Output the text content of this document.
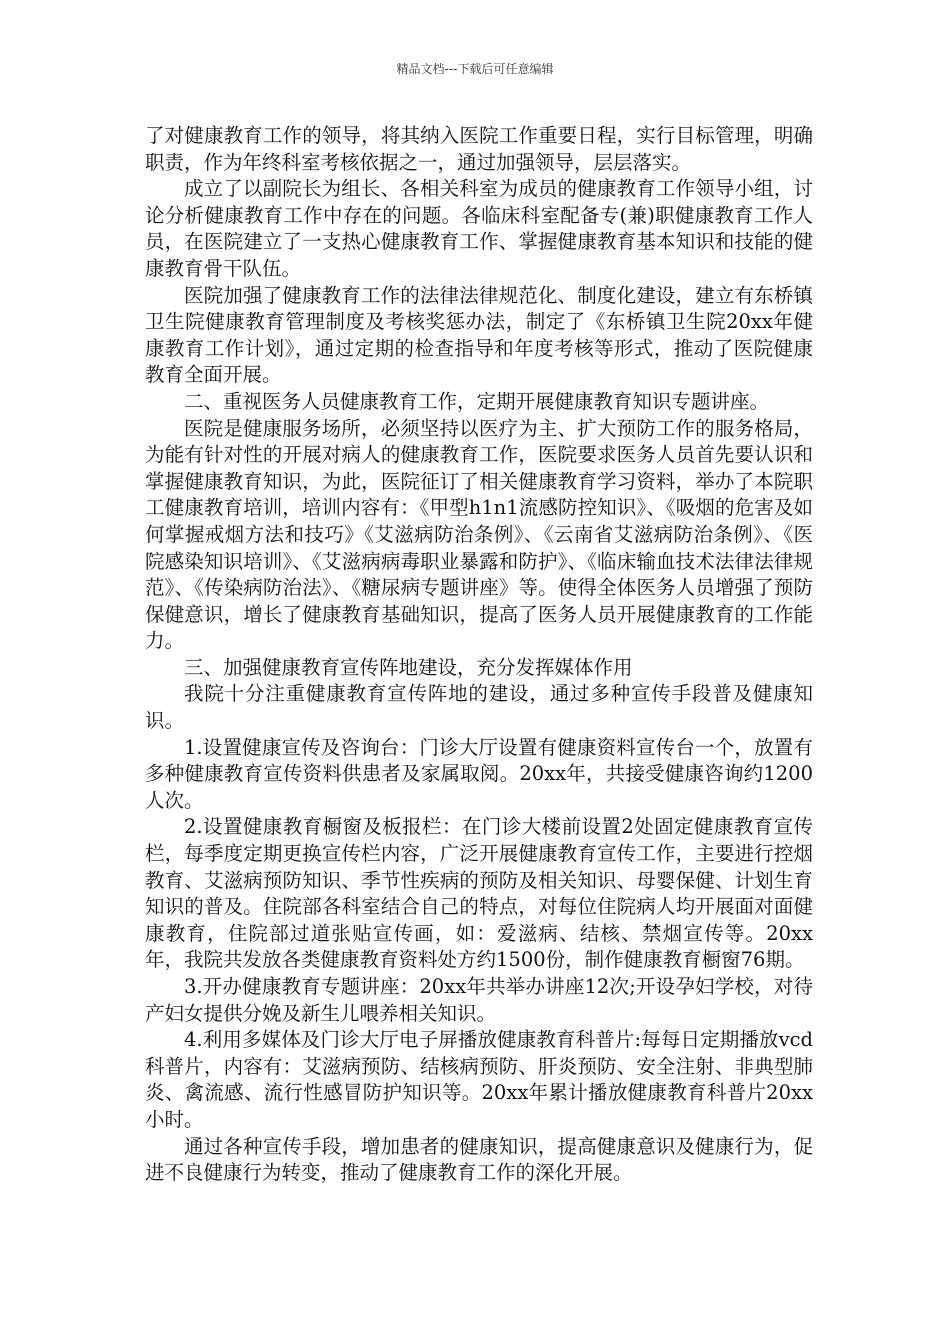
精品文档---下载后可任意编辑

了对健康教育工作的领导，将其纳入医院工作重要日程，实行目标管理，明确职责，作为年终科室考核依据之一，通过加强领导，层层落实。

成立了以副院长为组长、各相关科室为成员的健康教育工作领导小组，讨论分析健康教育工作中存在的问题。各临床科室配备专(兼)职健康教育工作人员，在医院建立了一支热心健康教育工作、掌握健康教育基本知识和技能的健康教育骨干队伍。

医院加强了健康教育工作的法律法律规范化、制度化建设，建立有东桥镇卫生院健康教育管理制度及考核奖惩办法，制定了《东桥镇卫生院20xx年健康教育工作计划》，通过定期的检查指导和年度考核等形式，推动了医院健康教育全面开展。

二、重视医务人员健康教育工作，定期开展健康教育知识专题讲座。

医院是健康服务场所，必须坚持以医疗为主、扩大预防工作的服务格局，为能有针对性的开展对病人的健康教育工作，医院要求医务人员首先要认识和掌握健康教育知识，为此，医院征订了相关健康教育学习资料，举办了本院职工健康教育培训，培训内容有：《甲型h1n1流感防控知识》、《吸烟的危害及如何掌握戒烟方法和技巧》《艾滋病防治条例》、《云南省艾滋病防治条例》、《医院感染知识培训》、《艾滋病病毒职业暴露和防护》、《临床输血技术法律法律规范》、《传染病防治法》、《糖尿病专题讲座》等。使得全体医务人员增强了预防保健意识，增长了健康教育基础知识，提高了医务人员开展健康教育的工作能力。

三、加强健康教育宣传阵地建设，充分发挥媒体作用

我院十分注重健康教育宣传阵地的建设，通过多种宣传手段普及健康知识。

1.设置健康宣传及咨询台：门诊大厅设置有健康资料宣传台一个，放置有多种健康教育宣传资料供患者及家属取阅。20xx年，共接受健康咨询约1200人次。

2.设置健康教育橱窗及板报栏：在门诊大楼前设置2处固定健康教育宣传栏，每季度定期更换宣传栏内容，广泛开展健康教育宣传工作，主要进行控烟教育、艾滋病预防知识、季节性疾病的预防及相关知识、母婴保健、计划生育知识的普及。住院部各科室结合自己的特点，对每位住院病人均开展面对面健康教育，住院部过道张贴宣传画，如：爱滋病、结核、禁烟宣传等。20xx年，我院共发放各类健康教育资料处方约1500份，制作健康教育橱窗76期。

3.开办健康教育专题讲座：20xx年共举办讲座12次;开设孕妇学校，对待产妇女提供分娩及新生儿喂养相关知识。

4.利用多媒体及门诊大厅电子屏播放健康教育科普片:每每日定期播放vcd科普片，内容有：艾滋病预防、结核病预防、肝炎预防、安全注射、非典型肺炎、禽流感、流行性感冒防护知识等。20xx年累计播放健康教育科普片20xx小时。

通过各种宣传手段，增加患者的健康知识，提高健康意识及健康行为，促进不良健康行为转变，推动了健康教育工作的深化开展。
